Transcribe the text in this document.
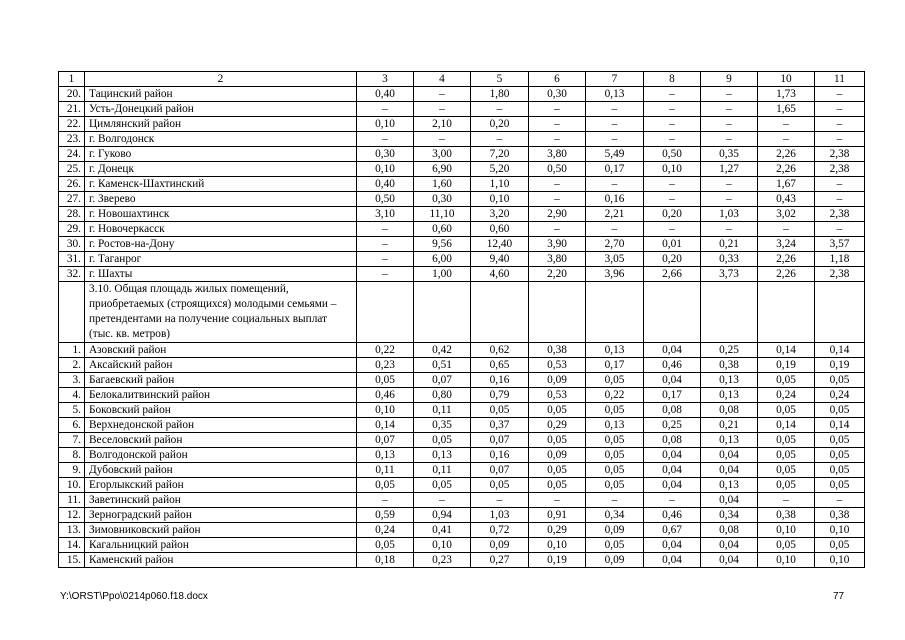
1	2	3	4	5	6	7	8	9	10	11
20.	Тацинский район	0,40	–	1,80	0,30	0,13	–	–	1,73	–
21.	Усть-Донецкий район	–	–	–	–	–	–	–	1,65	–
22.	Цимлянский район	0,10	2,10	0,20	–	–	–	–	–	–
23.	г. Волгодонск	–	–	–	–	–	–	–	–	–
24.	г. Гуково	0,30	3,00	7,20	3,80	5,49	0,50	0,35	2,26	2,38
25.	г. Донецк	0,10	6,90	5,20	0,50	0,17	0,10	1,27	2,26	2,38
26.	г. Каменск-Шахтинский	0,40	1,60	1,10	–	–	–	–	1,67	–
27.	г. Зверево	0,50	0,30	0,10	–	0,16	–	–	0,43	–
28.	г. Новошахтинск	3,10	11,10	3,20	2,90	2,21	0,20	1,03	3,02	2,38
29.	г. Новочеркасск	–	0,60	0,60	–	–	–	–	–	–
30.	г. Ростов-на-Дону	–	9,56	12,40	3,90	2,70	0,01	0,21	3,24	3,57
31.	г. Таганрог	–	6,00	9,40	3,80	3,05	0,20	0,33	2,26	1,18
32.	г. Шахты	–	1,00	4,60	2,20	3,96	2,66	3,73	2,26	2,38
	3.10. Общая площадь жилых помещений, приобретаемых (строящихся) молодыми семьями – претендентами на получение социальных выплат (тыс. кв. метров)									
1.	Азовский район	0,22	0,42	0,62	0,38	0,13	0,04	0,25	0,14	0,14
2.	Аксайский район	0,23	0,51	0,65	0,53	0,17	0,46	0,38	0,19	0,19
3.	Багаевский район	0,05	0,07	0,16	0,09	0,05	0,04	0,13	0,05	0,05
4.	Белокалитвинский район	0,46	0,80	0,79	0,53	0,22	0,17	0,13	0,24	0,24
5.	Боковский район	0,10	0,11	0,05	0,05	0,05	0,08	0,08	0,05	0,05
6.	Верхнедонской район	0,14	0,35	0,37	0,29	0,13	0,25	0,21	0,14	0,14
7.	Веселовский район	0,07	0,05	0,07	0,05	0,05	0,08	0,13	0,05	0,05
8.	Волгодонской район	0,13	0,13	0,16	0,09	0,05	0,04	0,04	0,05	0,05
9.	Дубовский район	0,11	0,11	0,07	0,05	0,05	0,04	0,04	0,05	0,05
10.	Егорлыкский район	0,05	0,05	0,05	0,05	0,05	0,04	0,13	0,05	0,05
11.	Заветинский район	–	–	–	–	–	–	0,04	–	–
12.	Зерноградский район	0,59	0,94	1,03	0,91	0,34	0,46	0,34	0,38	0,38
13.	Зимовниковский район	0,24	0,41	0,72	0,29	0,09	0,67	0,08	0,10	0,10
14.	Кагальницкий район	0,05	0,10	0,09	0,10	0,05	0,04	0,04	0,05	0,05
15.	Каменский район	0,18	0,23	0,27	0,19	0,09	0,04	0,04	0,10	0,10
Y:\ORST\Ppo\0214p060.f18.docx	77
